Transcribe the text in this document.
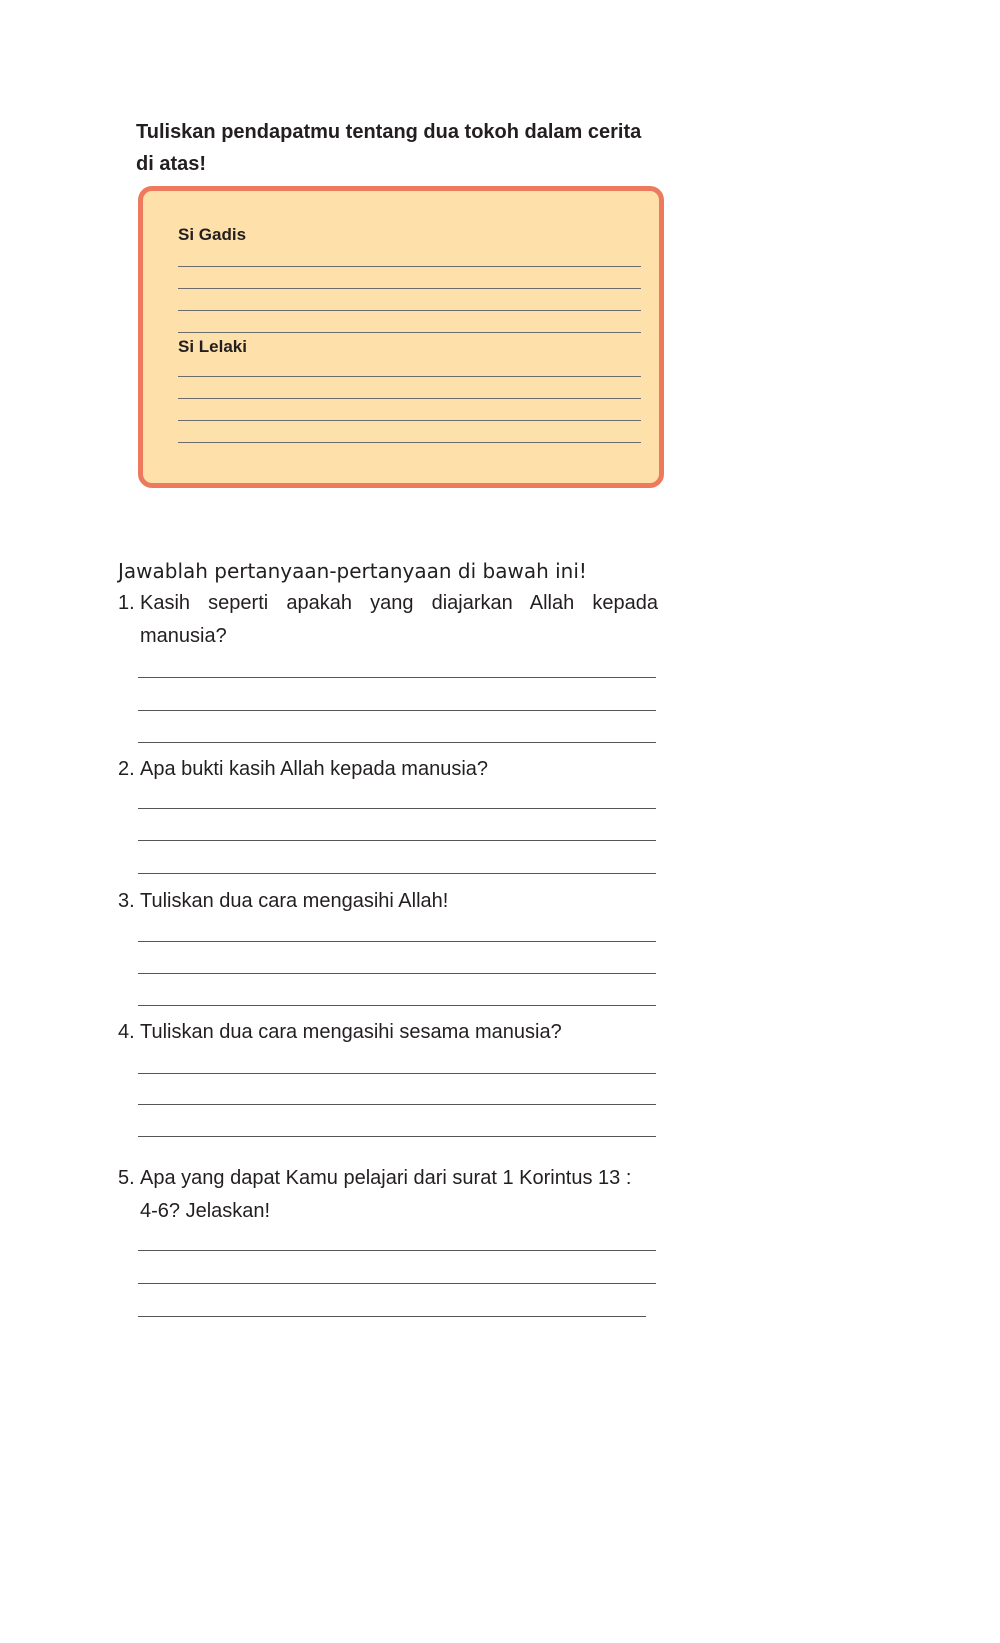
Tuliskan pendapatmu tentang dua tokoh dalam cerita
di atas!

Si Gadis

Si Lelaki

Jawablah pertanyaan-pertanyaan di bawah ini!

1. Kasih seperti apakah yang diajarkan Allah kepada
manusia?

2. Apa bukti kasih Allah kepada manusia?

3. Tuliskan dua cara mengasihi Allah!

4. Tuliskan dua cara mengasihi sesama manusia?

5. Apa yang dapat Kamu pelajari dari surat 1 Korintus 13 :
4-6? Jelaskan!
